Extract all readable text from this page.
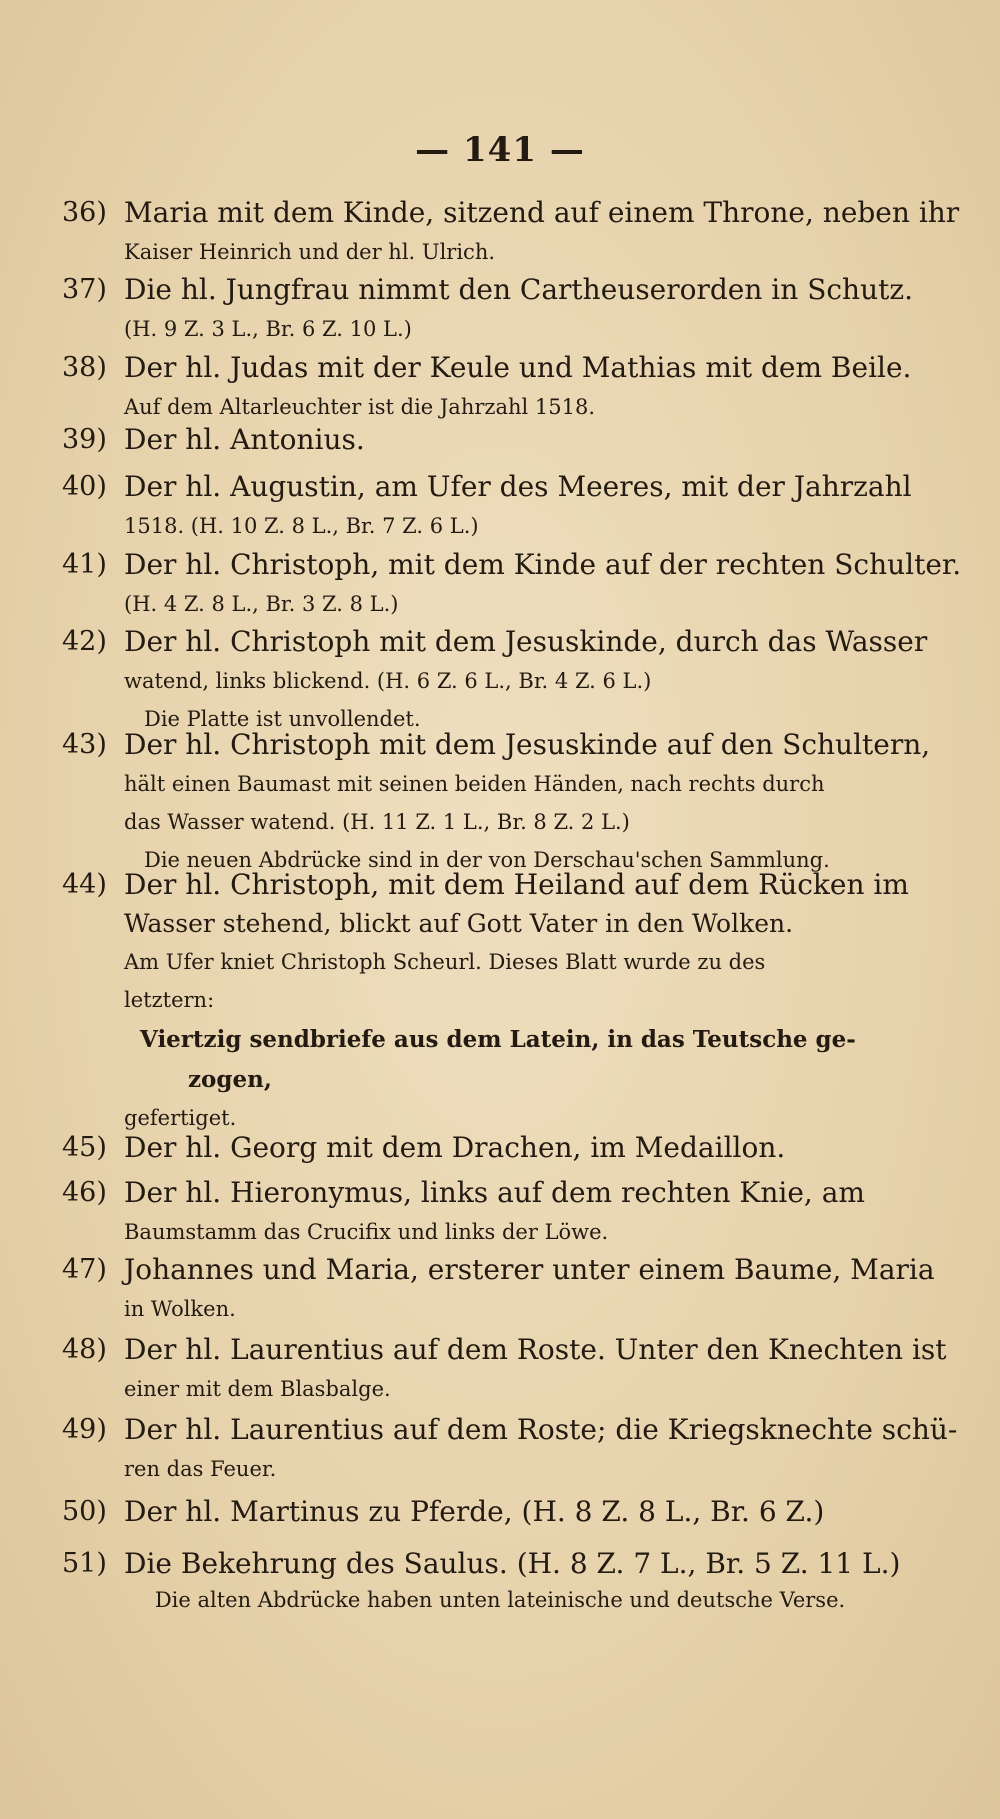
— 141 —
36) Maria mit dem Kinde, sitzend auf einem Throne, neben ihr
Kaiser Heinrich und der hl. Ulrich.
37) Die hl. Jungfrau nimmt den Cartheuserorden in Schutz.
(H. 9 Z. 3 L., Br. 6 Z. 10 L.)
38) Der hl. Judas mit der Keule und Mathias mit dem Beile.
Auf dem Altarleuchter ist die Jahrzahl 1518.
39) Der hl. Antonius.
40) Der hl. Augustin, am Ufer des Meeres, mit der Jahrzahl
1518. (H. 10 Z. 8 L., Br. 7 Z. 6 L.)
41) Der hl. Christoph, mit dem Kinde auf der rechten Schulter.
(H. 4 Z. 8 L., Br. 3 Z. 8 L.)
42) Der hl. Christoph mit dem Jesuskinde, durch das Wasser
watend, links blickend. (H. 6 Z. 6 L., Br. 4 Z. 6 L.)
Die Platte ist unvollendet.
43) Der hl. Christoph mit dem Jesuskinde auf den Schultern,
hält einen Baumast mit seinen beiden Händen, nach rechts durch
das Wasser watend. (H. 11 Z. 1 L., Br. 8 Z. 2 L.)
Die neuen Abdrücke sind in der von Derschau'schen Sammlung.
44) Der hl. Christoph, mit dem Heiland auf dem Rücken im
Wasser stehend, blickt auf Gott Vater in den Wolken.
Am Ufer kniet Christoph Scheurl. Dieses Blatt wurde zu des
letztern:
Viertzig sendbriefe aus dem Latein, in das Teutsche ge-
zogen,
gefertiget.
45) Der hl. Georg mit dem Drachen, im Medaillon.
46) Der hl. Hieronymus, links auf dem rechten Knie, am
Baumstamm das Crucifix und links der Löwe.
47) Johannes und Maria, ersterer unter einem Baume, Maria
in Wolken.
48) Der hl. Laurentius auf dem Roste. Unter den Knechten ist
einer mit dem Blasbalge.
49) Der hl. Laurentius auf dem Roste; die Kriegsknechte schü-
ren das Feuer.
50) Der hl. Martinus zu Pferde, (H. 8 Z. 8 L., Br. 6 Z.)
51) Die Bekehrung des Saulus. (H. 8 Z. 7 L., Br. 5 Z. 11 L.)
Die alten Abdrücke haben unten lateinische und deutsche Verse.
